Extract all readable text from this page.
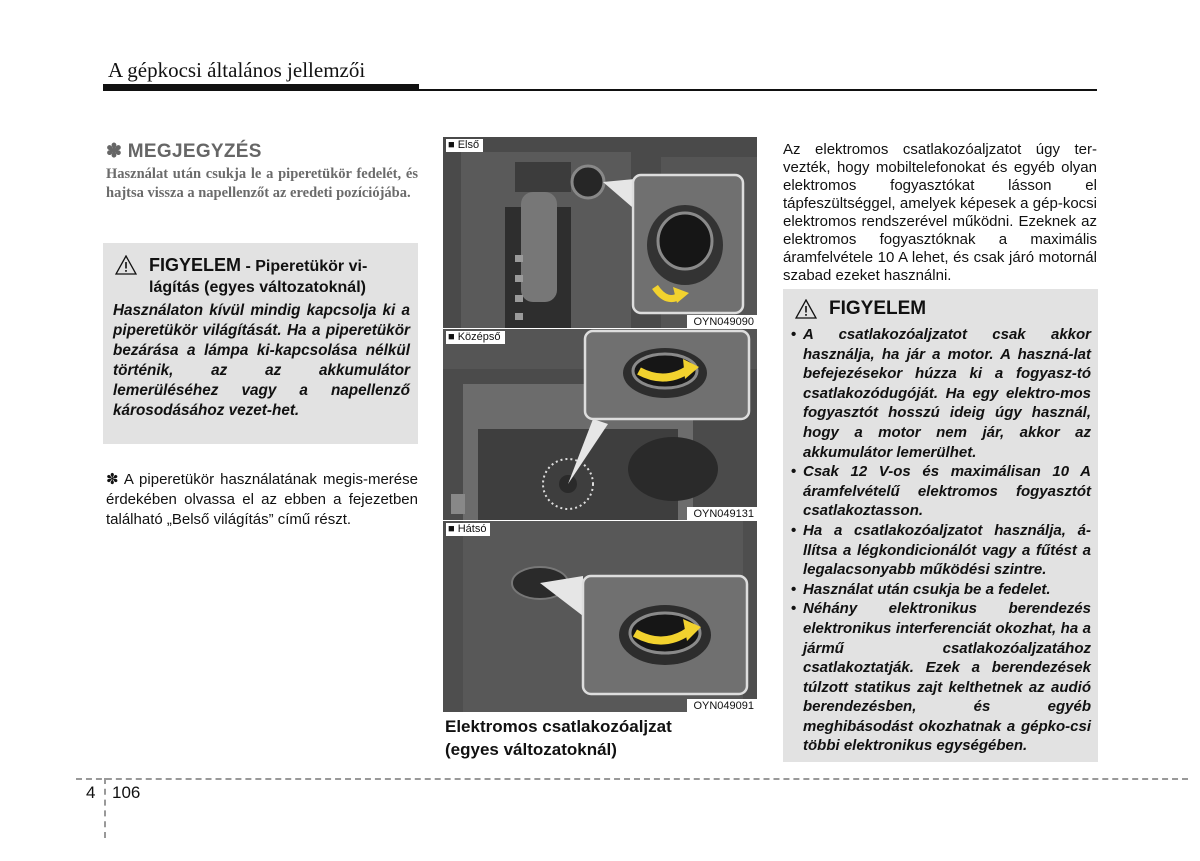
A gépkocsi általános jellemzői
✽ MEGJEGYZÉS
Használat után csukja le a piperetükör fedelét, és hajtsa vissza a napellenzőt az eredeti pozíciójába.
FIGYELEM - Piperetükör vi-
lágítás (egyes változatoknál)
Használaton kívül mindig kapcsolja ki a piperetükör világítását. Ha a piperetükör bezárása a lámpa ki-kapcsolása nélkül történik, az az akkumulátor lemerüléséhez vagy a napellenző károsodásához vezet-het.
✽ A piperetükör használatának megis-merése érdekében olvassa el az ebben a fejezetben található „Belső világítás” című részt.
■ Első
OYN049090
■ Középső
OYN049131
■ Hátsó
OYN049091
Elektromos csatlakozóaljzat
(egyes változatoknál)
Az elektromos csatlakozóaljzatot úgy ter-vezték, hogy mobiltelefonokat és egyéb olyan elektromos fogyasztókat lásson el tápfeszültséggel, amelyek képesek a gép-kocsi elektromos rendszerével működni. Ezeknek az elektromos fogyasztóknak a maximális áramfelvétele 10 A lehet, és csak járó motornál szabad ezeket használni.
FIGYELEM
• A csatlakozóaljzatot csak akkor használja, ha jár a motor. A haszná-lat befejezésekor húzza ki a fogyasz-tó csatlakozódugóját. Ha egy elektro-mos fogyasztót hosszú ideig úgy használ, hogy a motor nem jár, akkor az akkumulátor lemerülhet.
• Csak 12 V-os és maximálisan 10 A áramfelvételű elektromos fogyasztót csatlakoztasson.
• Ha a csatlakozóaljzatot használja, á-llítsa a légkondicionálót vagy a fűtést a legalacsonyabb működési szintre.
• Használat után csukja be a fedelet.
• Néhány elektronikus berendezés elektronikus interferenciát okozhat, ha a jármű csatlakozóaljzatához csatlakoztatják. Ezek a berendezések túlzott statikus zajt kelthetnek az audió berendezésben, és egyéb meghibásodást okozhatnak a gépko-csi többi elektronikus egységében.
4 106
